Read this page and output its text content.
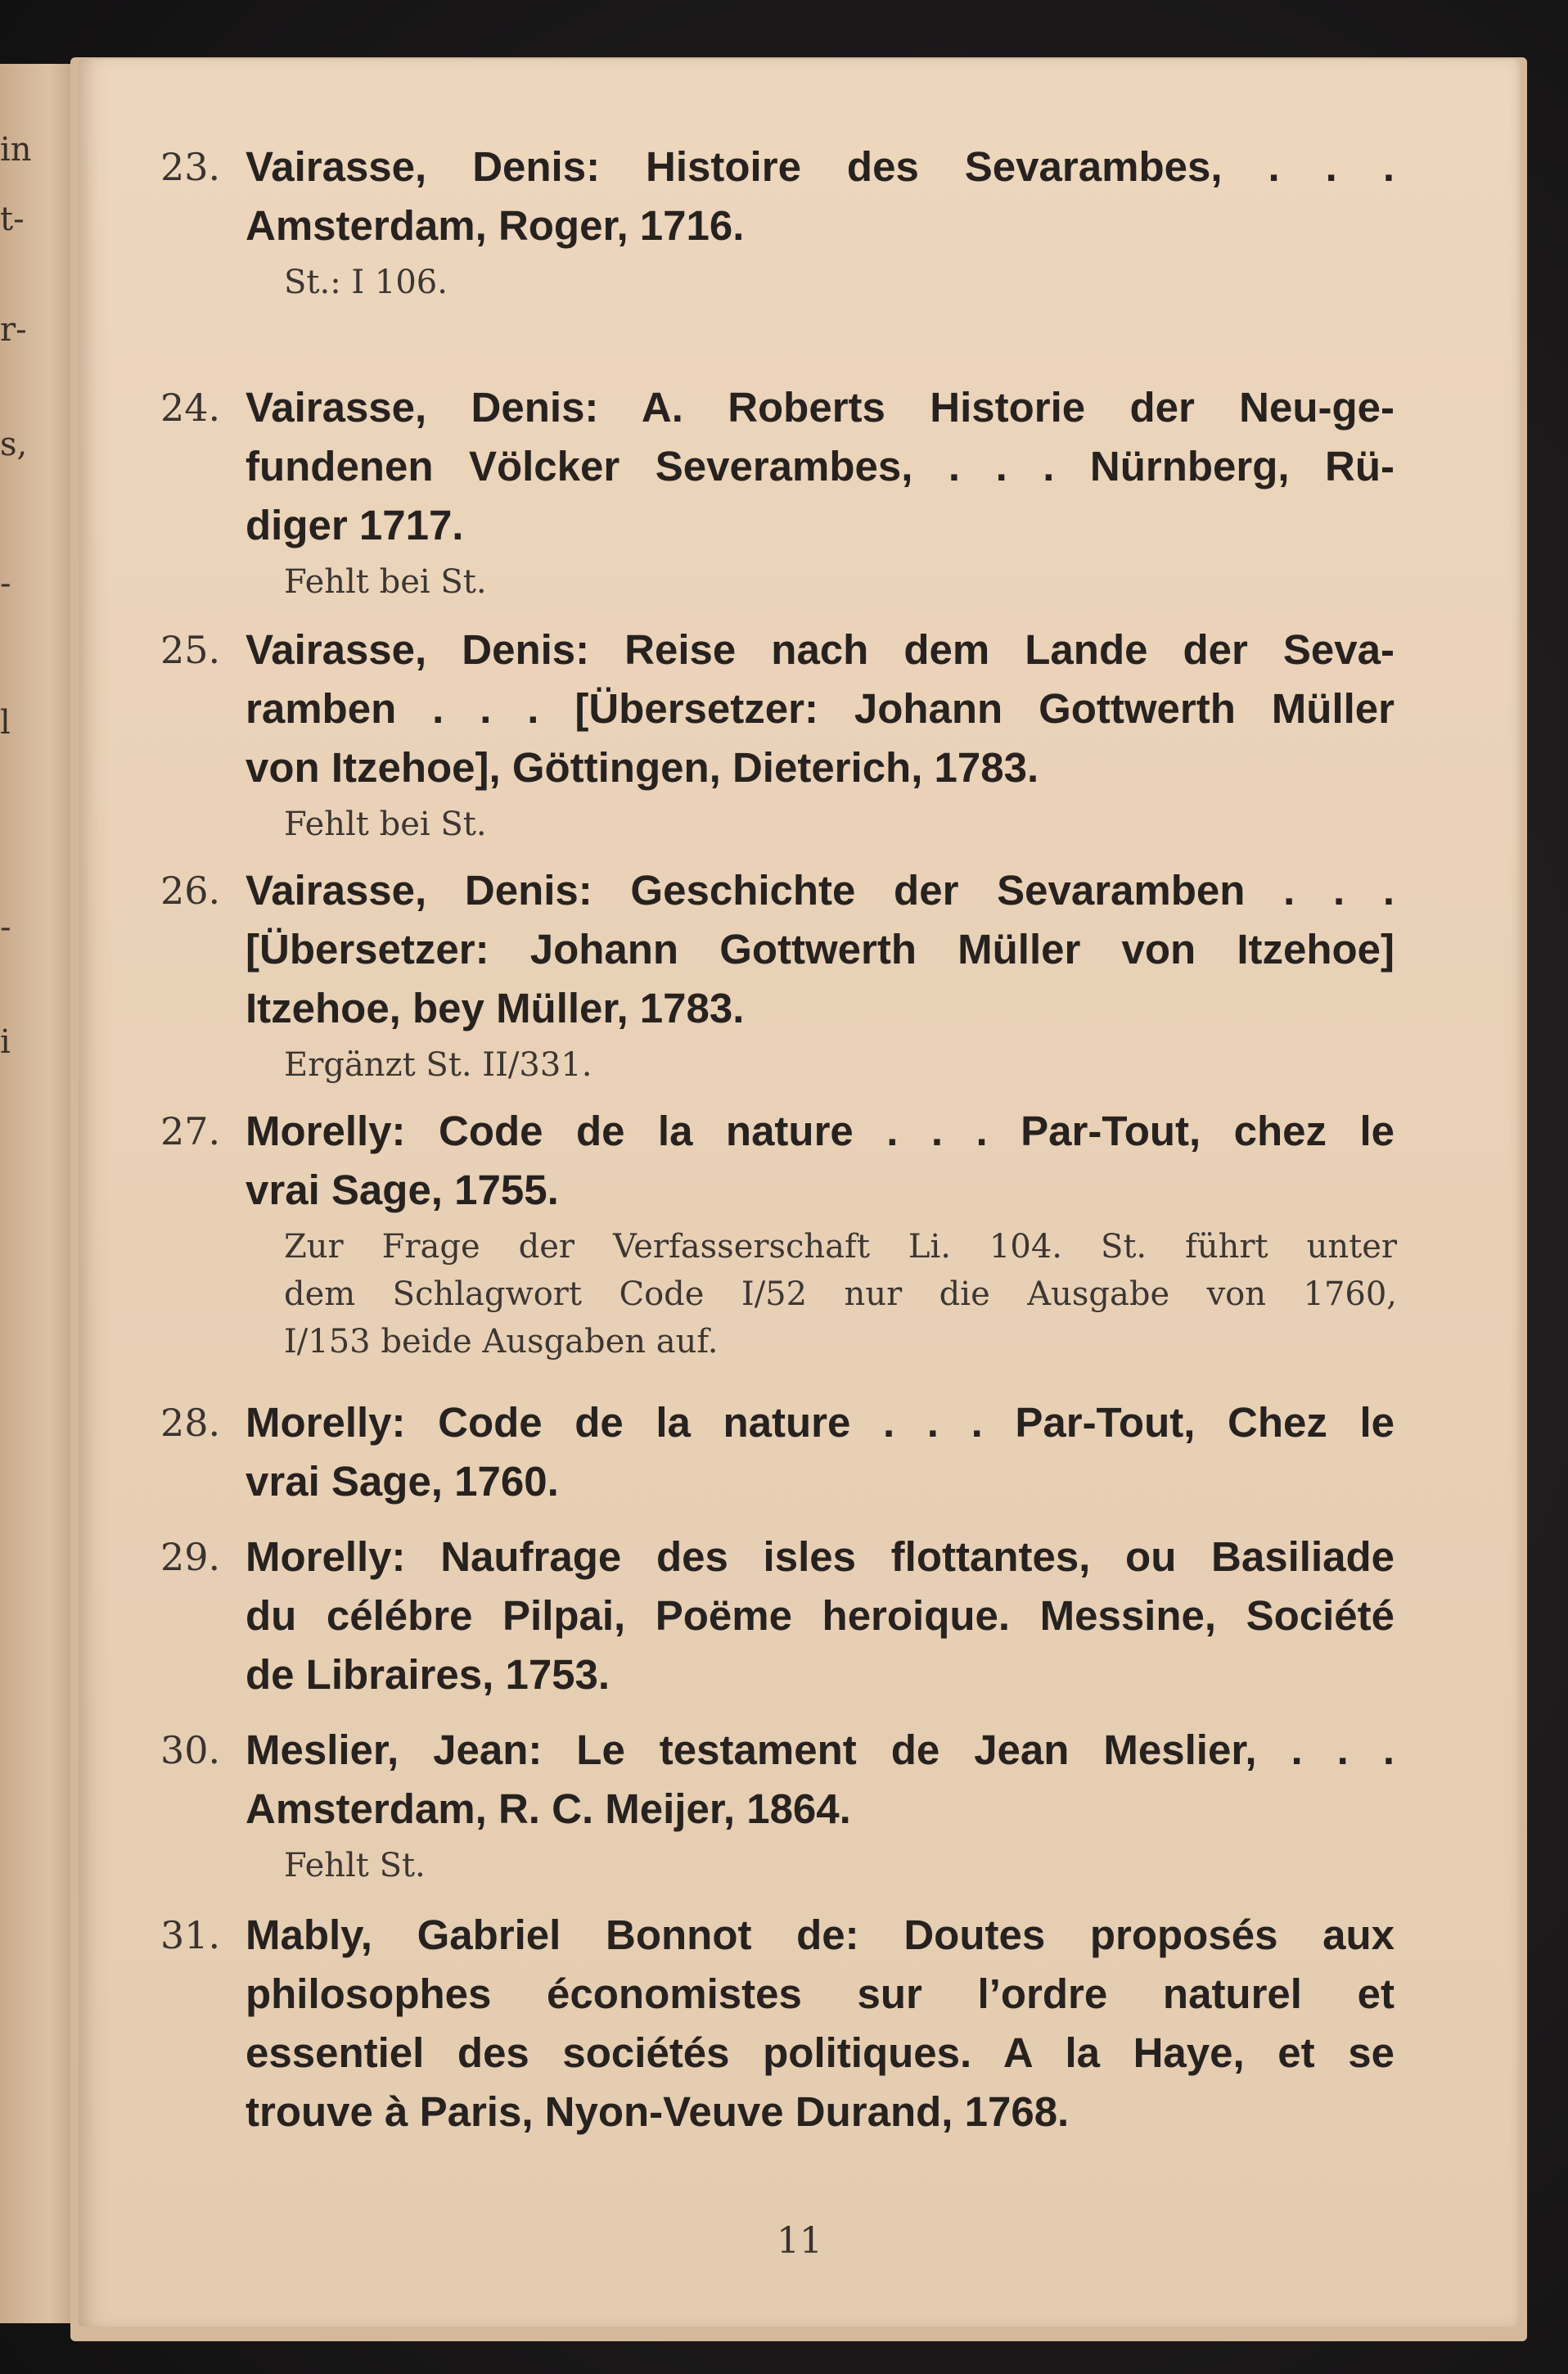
in
t-
r-
s,
-
l
-
i
23. Vairasse, Denis: Histoire des Sevarambes, . . .
Amsterdam, Roger, 1716.
St.: I 106.
24. Vairasse, Denis: A. Roberts Historie der Neu-ge-
fundenen Völcker Severambes, . . . Nürnberg, Rü-
diger 1717.
Fehlt bei St.
25. Vairasse, Denis: Reise nach dem Lande der Seva-
ramben . . . [Übersetzer: Johann Gottwerth Müller
von Itzehoe], Göttingen, Dieterich, 1783.
Fehlt bei St.
26. Vairasse, Denis: Geschichte der Sevaramben . . .
[Übersetzer: Johann Gottwerth Müller von Itzehoe]
Itzehoe, bey Müller, 1783.
Ergänzt St. II/331.
27. Morelly: Code de la nature . . . Par-Tout, chez le
vrai Sage, 1755.
Zur Frage der Verfasserschaft Li. 104. St. führt unter
dem Schlagwort Code I/52 nur die Ausgabe von 1760,
I/153 beide Ausgaben auf.
28. Morelly: Code de la nature . . . Par-Tout, Chez le
vrai Sage, 1760.
29. Morelly: Naufrage des isles flottantes, ou Basiliade
du célébre Pilpai, Poëme heroique. Messine, Société
de Libraires, 1753.
30. Meslier, Jean: Le testament de Jean Meslier, . . .
Amsterdam, R. C. Meijer, 1864.
Fehlt St.
31. Mably, Gabriel Bonnot de: Doutes proposés aux
philosophes économistes sur l’ordre naturel et
essentiel des sociétés politiques. A la Haye, et se
trouve à Paris, Nyon-Veuve Durand, 1768.
11
